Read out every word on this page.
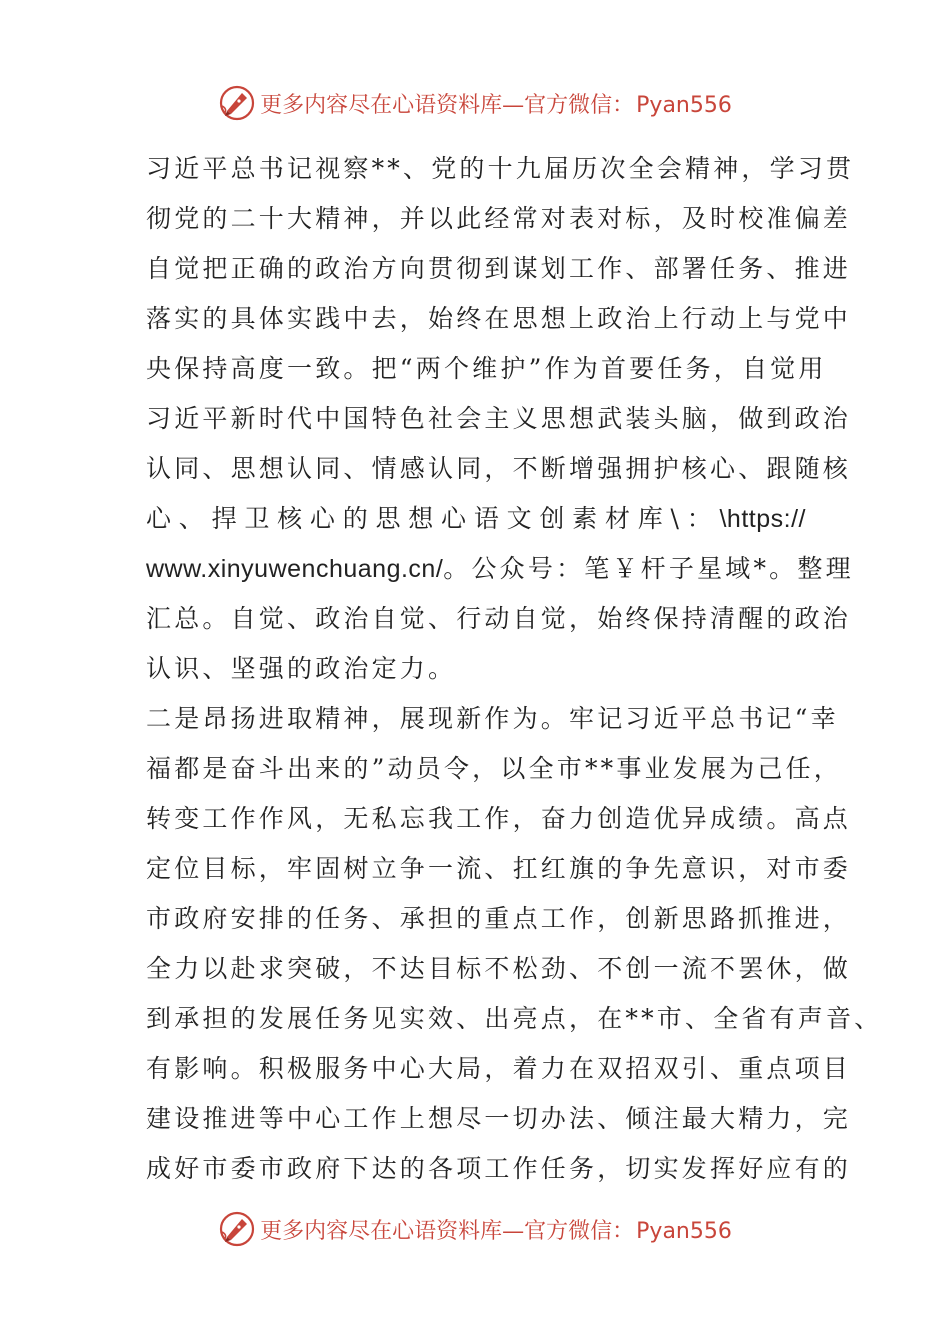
更多内容尽在心语资料库—官方微信：Pyan556
习近平总书记视察**、党的十九届历次全会精神，学习贯
彻党的二十大精神，并以此经常对表对标，及时校准偏差
自觉把正确的政治方向贯彻到谋划工作、部署任务、推进
落实的具体实践中去，始终在思想上政治上行动上与党中
央保持高度一致。把“两个维护”作为首要任务，自觉用
习近平新时代中国特色社会主义思想武装头脑，做到政治
认同、思想认同、情感认同，不断增强拥护核心、跟随核
心 、 捍 卫 核 心 的 思 想 心 语 文 创 素 材 库 \ ： \https://
www.xinyuwenchuang.cn/。公众号：笔￥杆子星域*。整理
汇总。自觉、政治自觉、行动自觉，始终保持清醒的政治
认识、坚强的政治定力。
二是昂扬进取精神，展现新作为。牢记习近平总书记“幸
福都是奋斗出来的”动员令，以全市**事业发展为己任，
转变工作作风，无私忘我工作，奋力创造优异成绩。高点
定位目标，牢固树立争一流、扛红旗的争先意识，对市委
市政府安排的任务、承担的重点工作，创新思路抓推进，
全力以赴求突破，不达目标不松劲、不创一流不罢休，做
到承担的发展任务见实效、出亮点，在**市、全省有声音、
有影响。积极服务中心大局，着力在双招双引、重点项目
建设推进等中心工作上想尽一切办法、倾注最大精力，完
成好市委市政府下达的各项工作任务，切实发挥好应有的
更多内容尽在心语资料库—官方微信：Pyan556
